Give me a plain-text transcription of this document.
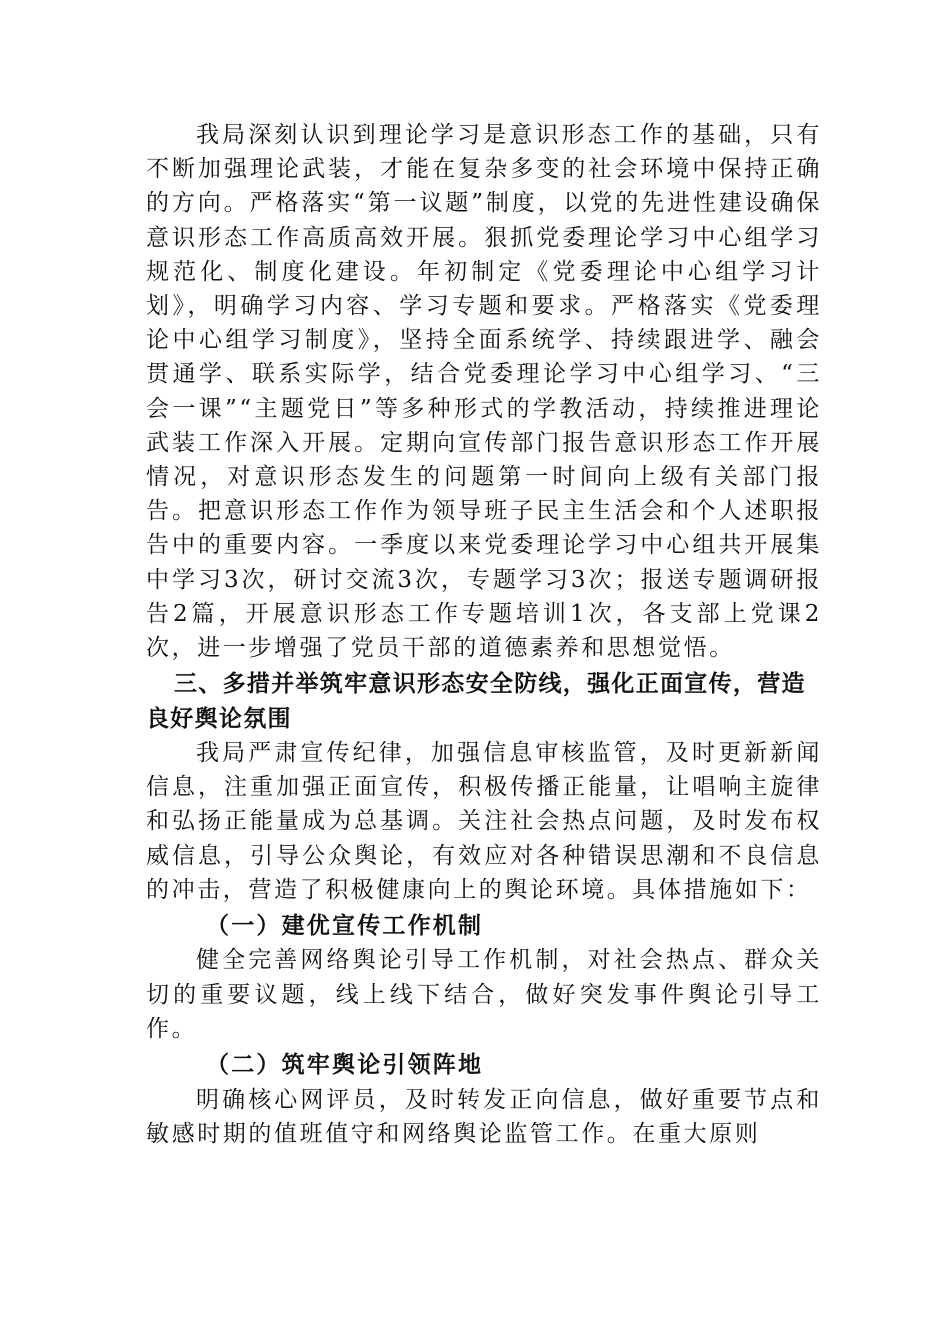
我局深刻认识到理论学习是意识形态工作的基础，只有不断加强理论武装，才能在复杂多变的社会环境中保持正确的方向。严格落实“第一议题”制度，以党的先进性建设确保意识形态工作高质高效开展。狠抓党委理论学习中心组学习规范化、制度化建设。年初制定《党委理论中心组学习计划》，明确学习内容、学习专题和要求。严格落实《党委理论中心组学习制度》，坚持全面系统学、持续跟进学、融会贯通学、联系实际学，结合党委理论学习中心组学习、“三会一课”“主题党日”等多种形式的学教活动，持续推进理论武装工作深入开展。定期向宣传部门报告意识形态工作开展情况，对意识形态发生的问题第一时间向上级有关部门报告。把意识形态工作作为领导班子民主生活会和个人述职报告中的重要内容。一季度以来党委理论学习中心组共开展集中学习3次，研讨交流3次，专题学习3次；报送专题调研报告2篇，开展意识形态工作专题培训1次，各支部上党课2次，进一步增强了党员干部的道德素养和思想觉悟。

三、多措并举筑牢意识形态安全防线，强化正面宣传，营造良好舆论氛围

我局严肃宣传纪律，加强信息审核监管，及时更新新闻信息，注重加强正面宣传，积极传播正能量，让唱响主旋律和弘扬正能量成为总基调。关注社会热点问题，及时发布权威信息，引导公众舆论，有效应对各种错误思潮和不良信息的冲击，营造了积极健康向上的舆论环境。具体措施如下：

（一）建优宣传工作机制

健全完善网络舆论引导工作机制，对社会热点、群众关切的重要议题，线上线下结合，做好突发事件舆论引导工作。

（二）筑牢舆论引领阵地

明确核心网评员，及时转发正向信息，做好重要节点和敏感时期的值班值守和网络舆论监管工作。在重大原则
